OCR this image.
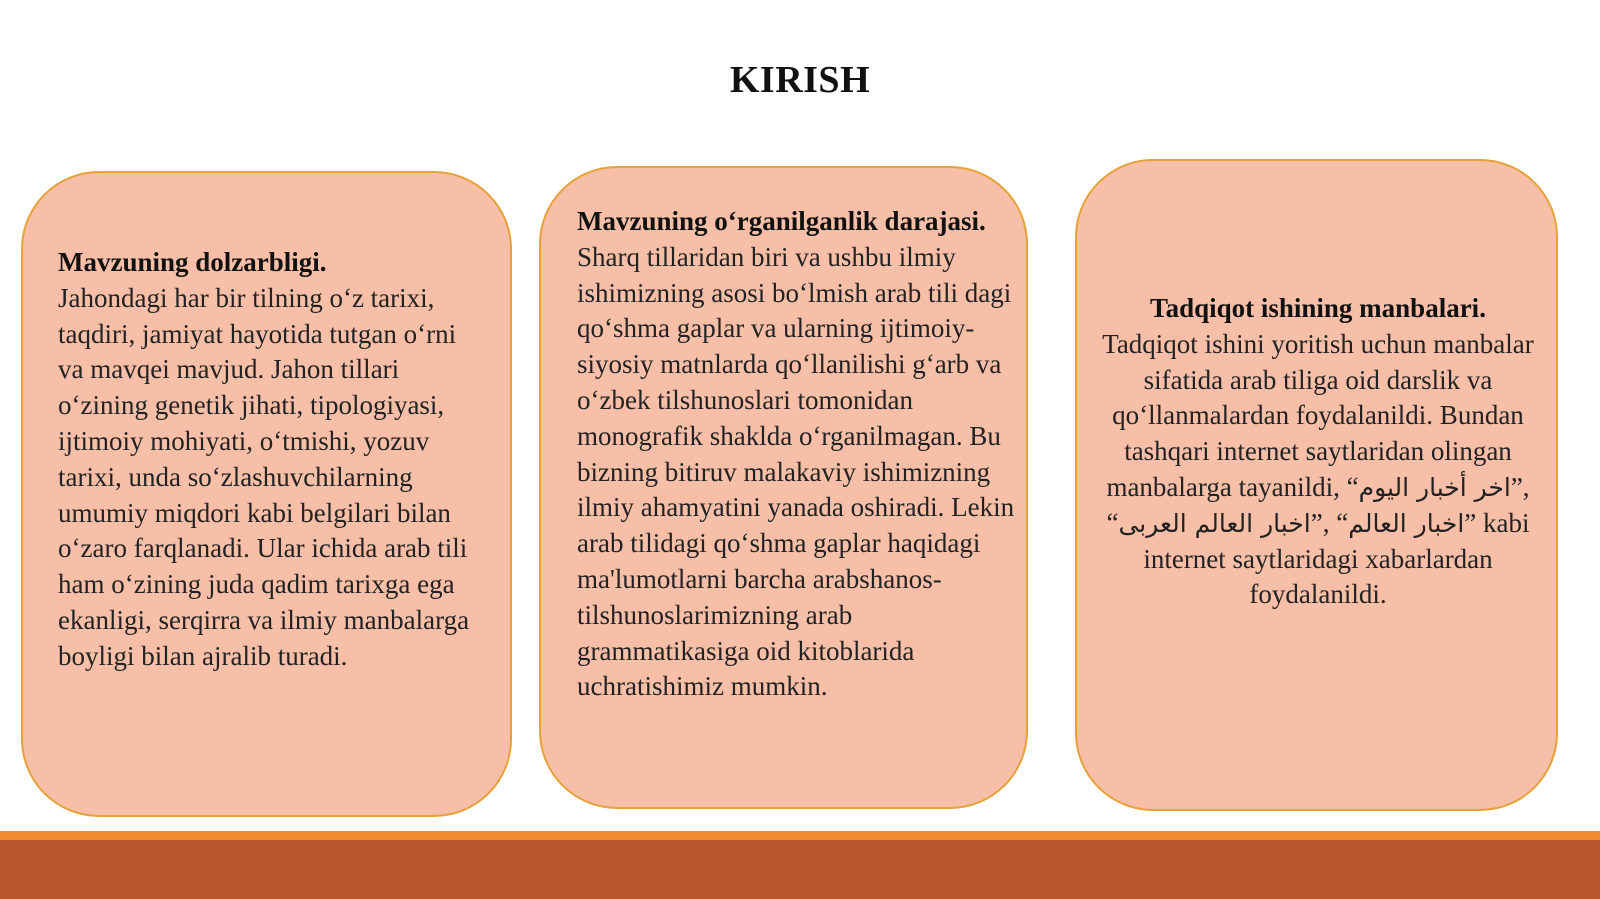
KIRISH
Mavzuning dolzarbligi.
Jahondagi har bir tilning o‘z tarixi, taqdiri, jamiyat hayotida tutgan o‘rni va mavqei mavjud. Jahon tillari o‘zining genetik jihati, tipologiyasi, ijtimoiy mohiyati, o‘tmishi, yozuv tarixi, unda so‘zlashuvchilarning umumiy miqdori kabi belgilari bilan o‘zaro farqlanadi. Ular ichida arab tili ham o‘zining juda qadim tarixga ega ekanligi, serqirra va ilmiy manbalarga boyligi bilan ajralib turadi.
Mavzuning o‘rganilganlik darajasi. Sharq tillaridan biri va ushbu ilmiy ishimizning asosi bo‘lmish arab tili dagi qo‘shma gaplar va ularning ijtimoiy-siyosiy matnlarda qo‘llanilishi g‘arb va o‘zbek tilshunoslari tomonidan monografik shaklda o‘rganilmagan. Bu bizning bitiruv malakaviy ishimizning ilmiy ahamyatini yanada oshiradi. Lekin arab tilidagi qo‘shma gaplar haqidagi ma'lumotlarni barcha arabshanos-tilshunoslarimizning arab grammatikasiga oid kitoblarida uchratishimiz mumkin.
Tadqiqot ishining manbalari.
Tadqiqot ishini yoritish uchun manbalar sifatida arab tiliga oid darslik va qo‘llanmalardan foydalanildi. Bundan tashqari internet saytlaridan olingan manbalarga tayanildi, “اخر أخبار اليوم”, “اخبار العالم العربى”, “اخبار العالم” kabi internet saytlaridagi xabarlardan foydalanildi.
